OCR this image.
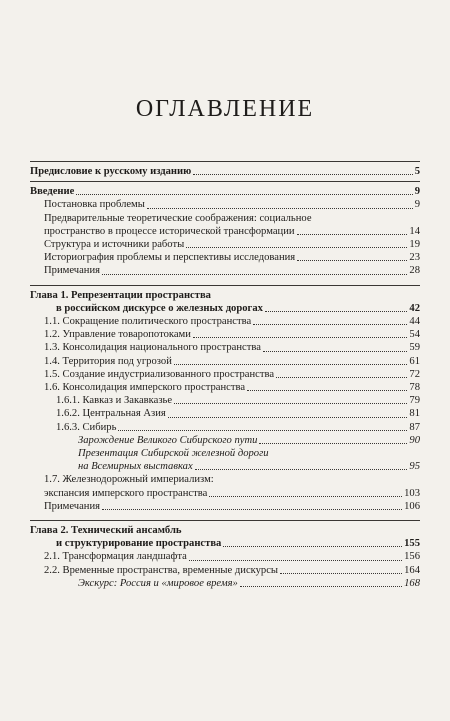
ОГЛАВЛЕНИЕ
Предисловие к русскому изданию	5
Введение	9
Постановка проблемы	9
Предварительные теоретические соображения: социальное
пространство в процессе исторической трансформации	14
Структура и источники работы	19
Историография проблемы и перспективы исследования	23
Примечания	28
Глава 1. Репрезентации пространства
в российском дискурсе о железных дорогах	42
1.1. Сокращение политического пространства	44
1.2. Управление товаропотоками	54
1.3. Консолидация национального пространства	59
1.4. Территория под угрозой	61
1.5. Создание индустриализованного пространства	72
1.6. Консолидация имперского пространства	78
1.6.1. Кавказ и Закавказье	79
1.6.2. Центральная Азия	81
1.6.3. Сибирь	87
Зарождение Великого Сибирского пути	90
Презентация Сибирской железной дороги
на Всемирных выставках	95
1.7. Железнодорожный империализм:
экспансия имперского пространства	103
Примечания	106
Глава 2. Технический ансамбль
и структурирование пространства	155
2.1. Трансформация ландшафта	156
2.2. Временные пространства, временные дискурсы	164
Экскурс: Россия и «мировое время»	168
